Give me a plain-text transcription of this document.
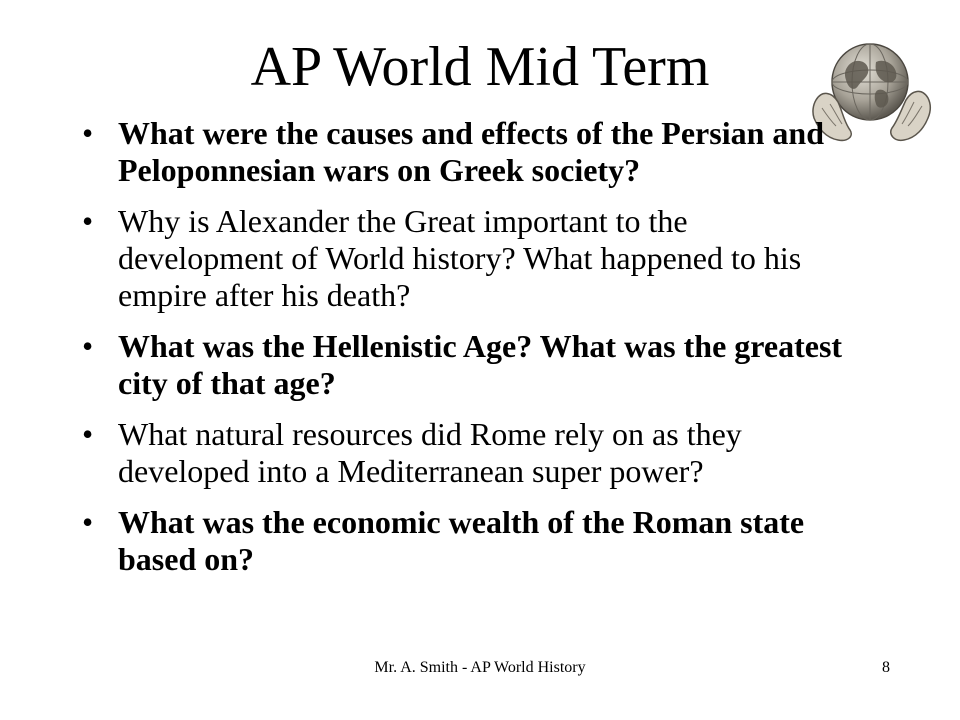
AP World Mid Term
• What were the causes and effects of the Persian and Peloponnesian wars on Greek society?
• Why is Alexander the Great important to the development of World history? What happened to his empire after his death?
• What was the Hellenistic Age? What was the greatest city of that age?
• What natural resources did Rome rely on as they developed into a Mediterranean super power?
• What was the economic wealth of the Roman state based on?
Mr. A. Smith - AP World History	8
